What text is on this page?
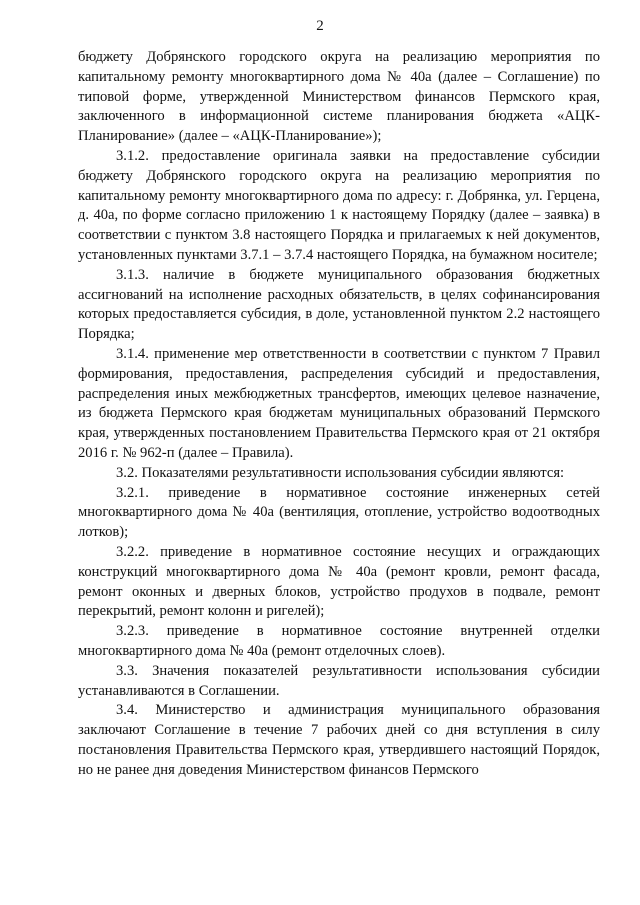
2

бюджету Добрянского городского округа на реализацию мероприятия по капитальному ремонту многоквартирного дома № 40а (далее – Соглашение) по типовой форме, утвержденной Министерством финансов Пермского края, заключенного в информационной системе планирования бюджета «АЦК-Планирование» (далее – «АЦК-Планирование»);

3.1.2. предоставление оригинала заявки на предоставление субсидии бюджету Добрянского городского округа на реализацию мероприятия по капитальному ремонту многоквартирного дома по адресу: г. Добрянка, ул. Герцена, д. 40а, по форме согласно приложению 1 к настоящему Порядку (далее – заявка) в соответствии с пунктом 3.8 настоящего Порядка и прилагаемых к ней документов, установленных пунктами 3.7.1 – 3.7.4 настоящего Порядка, на бумажном носителе;

3.1.3. наличие в бюджете муниципального образования бюджетных ассигнований на исполнение расходных обязательств, в целях софинансирования которых предоставляется субсидия, в доле, установленной пунктом 2.2 настоящего Порядка;

3.1.4. применение мер ответственности в соответствии с пунктом 7 Правил формирования, предоставления, распределения субсидий и предоставления, распределения иных межбюджетных трансфертов, имеющих целевое назначение, из бюджета Пермского края бюджетам муниципальных образований Пермского края, утвержденных постановлением Правительства Пермского края от 21 октября 2016 г. № 962-п (далее – Правила).

3.2. Показателями результативности использования субсидии являются:

3.2.1. приведение в нормативное состояние инженерных сетей многоквартирного дома № 40а (вентиляция, отопление, устройство водоотводных лотков);

3.2.2. приведение в нормативное состояние несущих и ограждающих конструкций многоквартирного дома № 40а (ремонт кровли, ремонт фасада, ремонт оконных и дверных блоков, устройство продухов в подвале, ремонт перекрытий, ремонт колонн и ригелей);

3.2.3. приведение в нормативное состояние внутренней отделки многоквартирного дома № 40а (ремонт отделочных слоев).

3.3. Значения показателей результативности использования субсидии устанавливаются в Соглашении.

3.4. Министерство и администрация муниципального образования заключают Соглашение в течение 7 рабочих дней со дня вступления в силу постановления Правительства Пермского края, утвердившего настоящий Порядок, но не ранее дня доведения Министерством финансов Пермского
